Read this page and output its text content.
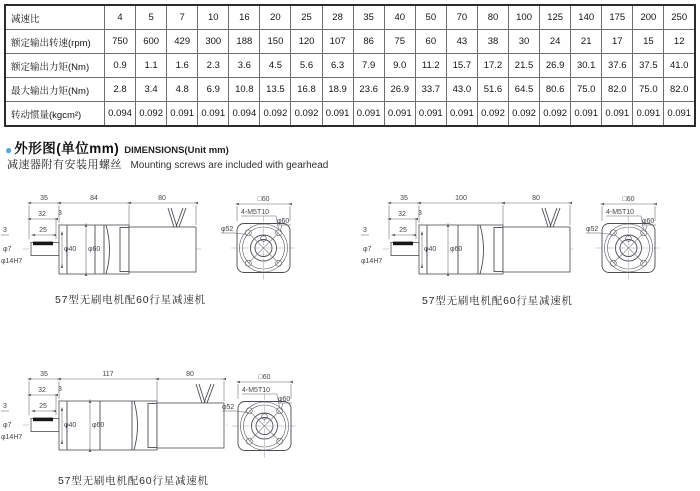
减速比	4	5	7	10	16	20	25	28	35	40	50	70	80	100	125	140	175	200	250
额定输出转速(rpm)	750	600	429	300	188	150	120	107	86	75	60	43	38	30	24	21	17	15	12
额定输出力矩(Nm)	0.9	1.1	1.6	2.3	3.6	4.5	5.6	6.3	7.9	9.0	11.2	15.7	17.2	21.5	26.9	30.1	37.6	37.5	41.0
最大输出力矩(Nm)	2.8	3.4	4.8	6.9	10.8	13.5	16.8	18.9	23.6	26.9	33.7	43.0	51.6	64.5	80.6	75.0	82.0	75.0	82.0
转动惯量(kgcm²)	0.094	0.092	0.091	0.091	0.094	0.092	0.092	0.091	0.091	0.091	0.091	0.091	0.092	0.092	0.092	0.091	0.091	0.091	0.091
● 外形图(单位mm) DIMENSIONS(Unit mm)
减速器附有安装用螺丝 Mounting screws are included with gearhead
35	84	80
32 3
25
3
φ7
φ14H7
φ40 φ60
□60
4-M5T10
φ60
φ52
57型无刷电机配60行星减速机
35	100	80
32 3
25
3
φ7
φ14H7
φ40 φ60
□60
4-M5T10
φ60
φ52
57型无刷电机配60行星减速机
35	117	80
32 3
25
3
φ7
φ14H7
φ40 φ60
□60
4-M5T10
φ60
φ52
57型无刷电机配60行星减速机
